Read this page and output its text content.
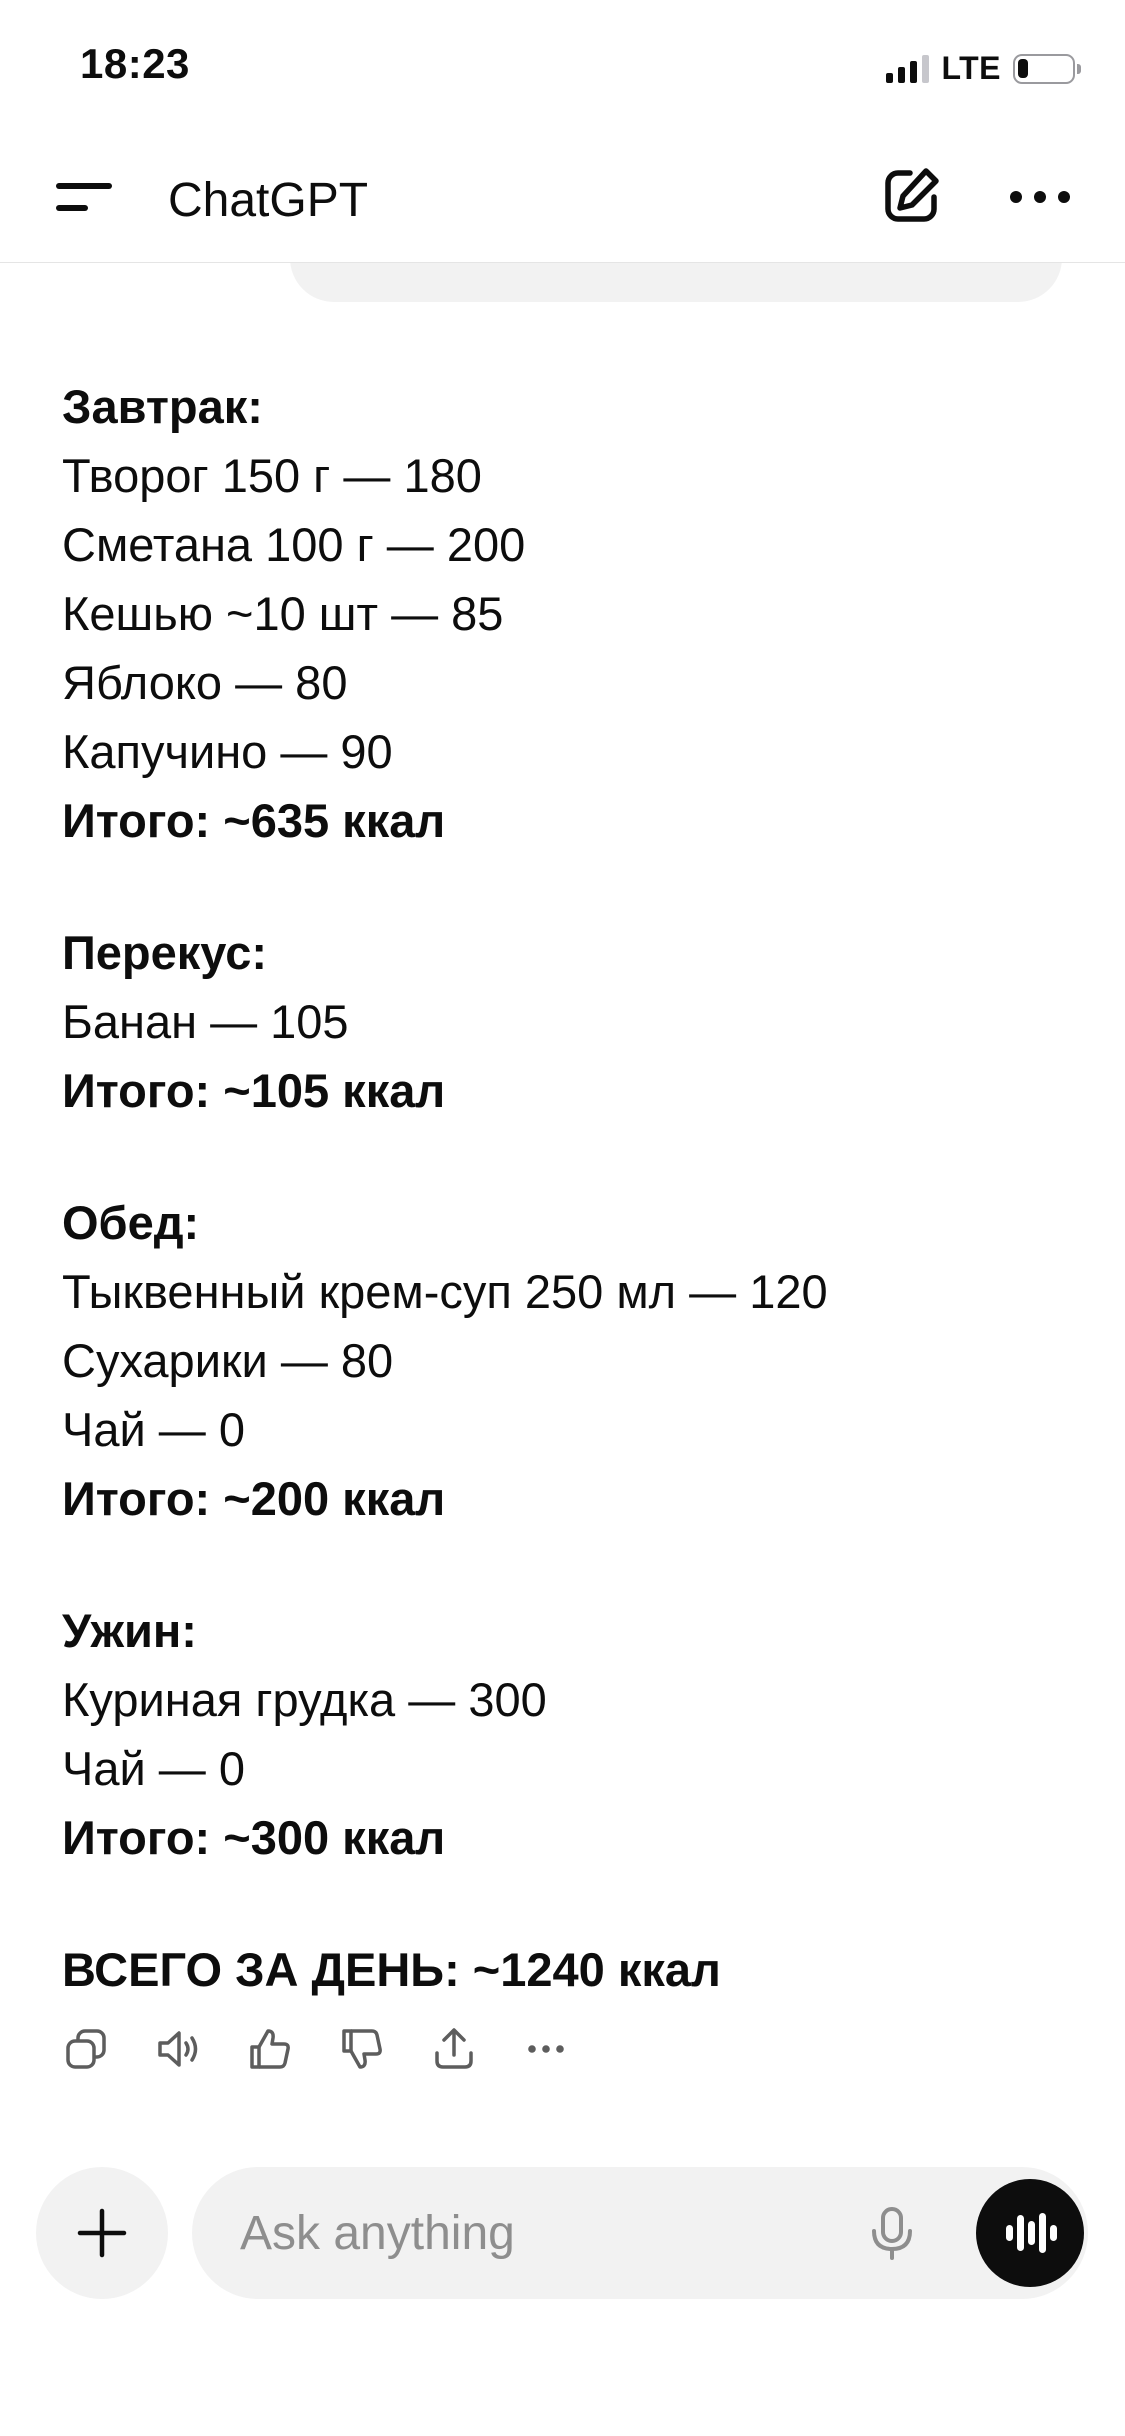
18:23	LTE
ChatGPT
Завтрак:
Творог 150 г — 180
Сметана 100 г — 200
Кешью ~10 шт — 85
Яблоко — 80
Капучино — 90
Итого: ~635 ккал
Перекус:
Банан — 105
Итого: ~105 ккал
Обед:
Тыквенный крем-суп 250 мл — 120
Сухарики — 80
Чай — 0
Итого: ~200 ккал
Ужин:
Куриная грудка — 300
Чай — 0
Итого: ~300 ккал
ВСЕГО ЗА ДЕНЬ: ~1240 ккал
Ask anything
